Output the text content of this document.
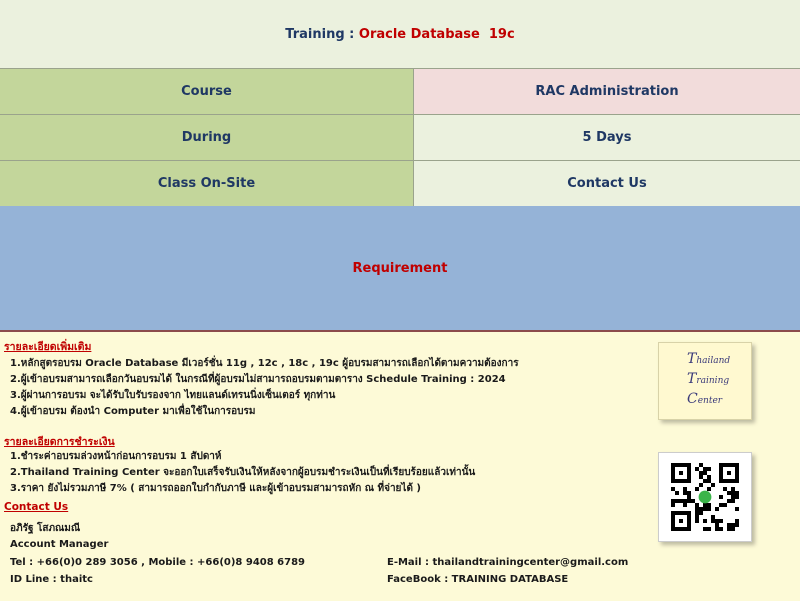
Training : Oracle Database  19c
Course	RAC Administration
During	5 Days
Class On-Site	Contact Us
Requirement
รายละเอียดเพิ่มเติม
1.หลักสูตรอบรม Oracle Database มีเวอร์ชั่น 11g , 12c , 18c , 19c ผู้อบรมสามารถเลือกได้ตามความต้องการ
2.ผู้เข้าอบรมสามารถเลือกวันอบรมได้ ในกรณีที่ผู้อบรมไม่สามารถอบรมตามตาราง Schedule Training : 2024
3.ผู้ผ่านการอบรม จะได้รับใบรับรองจาก ไทยแลนด์เทรนนิ่งเซ็นเตอร์ ทุกท่าน
4.ผู้เข้าอบรม ต้องนำ Computer มาเพื่อใช้ในการอบรม
รายละเอียดการชำระเงิน
1.ชำระค่าอบรมล่วงหน้าก่อนการอบรม 1 สัปดาห์
2.Thailand Training Center จะออกใบเสร็จรับเงินให้หลังจากผู้อบรมชำระเงินเป็นที่เรียบร้อยแล้วเท่านั้น
3.ราคา ยังไม่รวมภาษี 7% ( สามารถออกใบกำกับภาษี และผู้เข้าอบรมสามารถหัก ณ ที่จ่ายได้ )
Contact Us
อภิรัฐ โสภณมณี
Account Manager
Tel : +66(0)0 289 3056 , Mobile : +66(0)8 9408 6789
ID Line : thaitc
E-Mail : thailandtrainingcenter@gmail.com
FaceBook : TRAINING DATABASE
Thailand
Training
Center
